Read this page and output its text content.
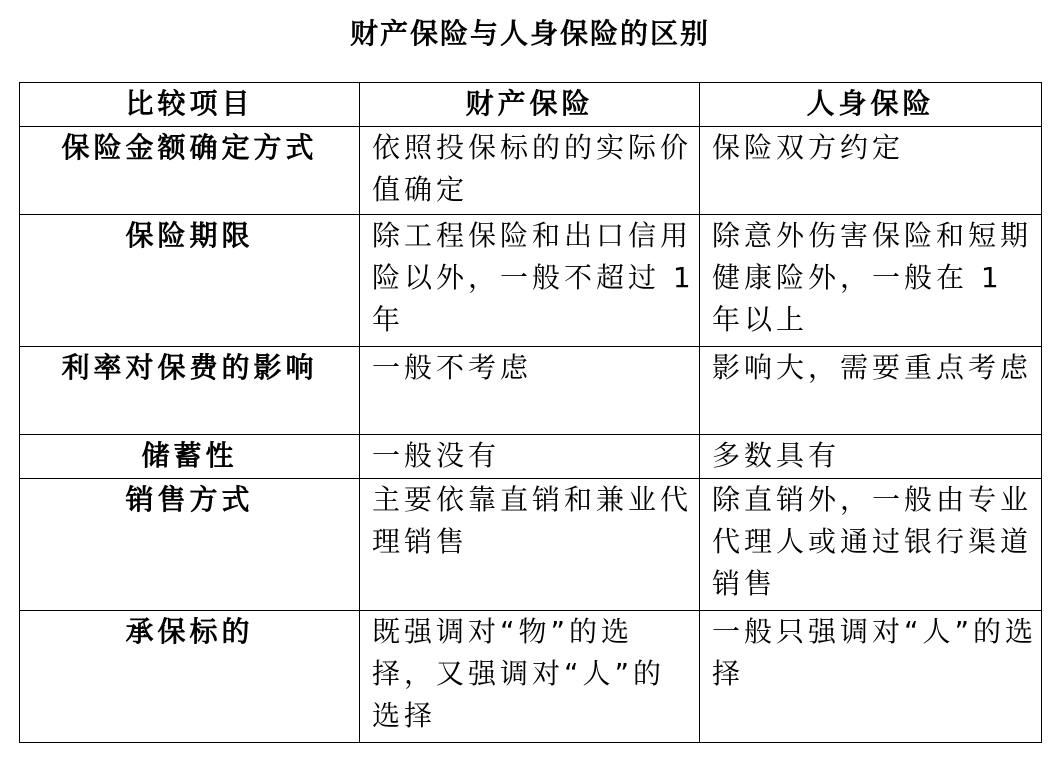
财产保险与人身保险的区别
比较项目	财产保险	人身保险
保险金额确定方式	依照投保标的的实际价值确定	保险双方约定
保险期限	除工程保险和出口信用险以外，一般不超过 1 年	除意外伤害保险和短期健康险外，一般在 1 年以上
利率对保费的影响	一般不考虑	影响大，需要重点考虑
储蓄性	一般没有	多数具有
销售方式	主要依靠直销和兼业代理销售	除直销外，一般由专业代理人或通过银行渠道销售
承保标的	既强调对“物”的选择，又强调对“人”的选择	一般只强调对“人”的选择
